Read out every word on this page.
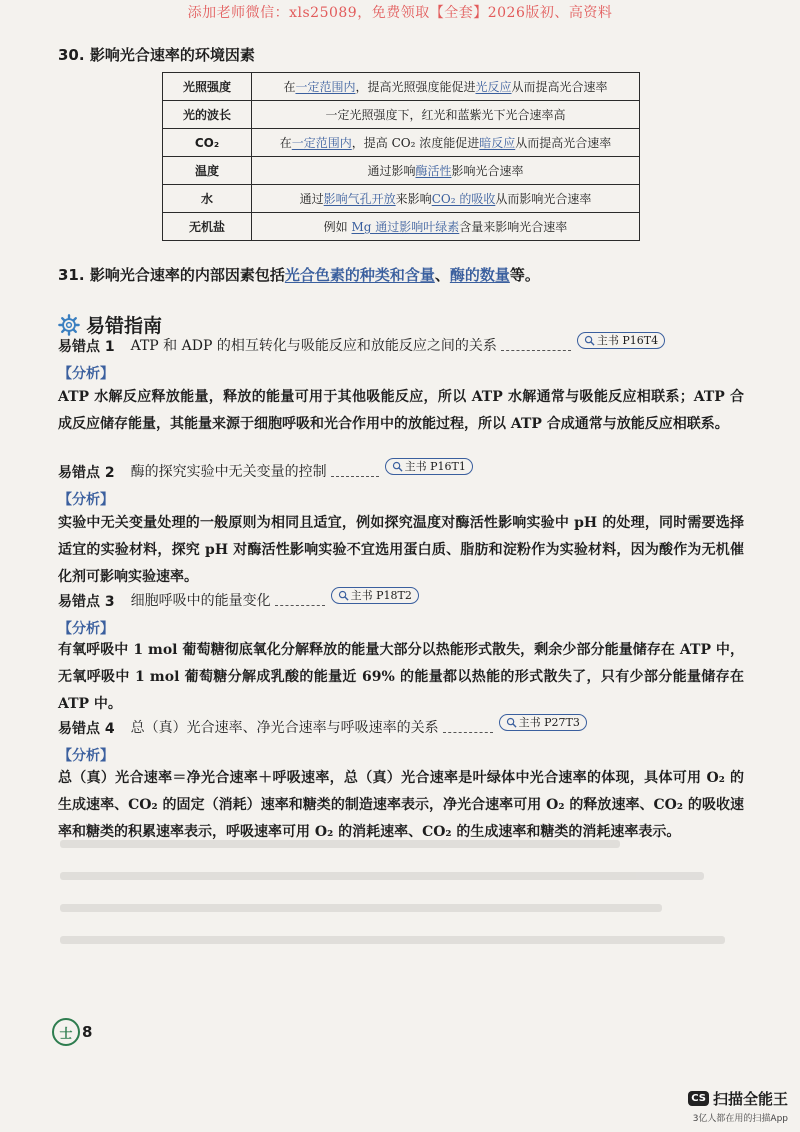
添加老师微信：xls25089，免费领取【全套】2026版初、高资料
30. 影响光合速率的环境因素
光照强度	在一定范围内，提高光照强度能促进光反应从而提高光合速率
光的波长	一定光照强度下，红光和蓝紫光下光合速率高
CO₂	在一定范围内，提高 CO₂ 浓度能促进暗反应从而提高光合速率
温度	通过影响酶活性影响光合速率
水	通过影响气孔开放来影响CO₂ 的吸收从而影响光合速率
无机盐	例如 Mg 通过影响叶绿素含量来影响光合速率
31. 影响光合速率的内部因素包括光合色素的种类和含量、酶的数量等。
易错指南
易错点 1 ATP 和 ADP 的相互转化与吸能反应和放能反应之间的关系	主书 P16T4
【分析】
ATP 水解反应释放能量，释放的能量可用于其他吸能反应，所以 ATP 水解通常与吸能反应相联系；ATP 合成反应储存能量，其能量来源于细胞呼吸和光合作用中的放能过程，所以 ATP 合成通常与放能反应相联系。
易错点 2 酶的探究实验中无关变量的控制	主书 P16T1
【分析】
实验中无关变量处理的一般原则为相同且适宜，例如探究温度对酶活性影响实验中 pH 的处理，同时需要选择适宜的实验材料，探究 pH 对酶活性影响实验不宜选用蛋白质、脂肪和淀粉作为实验材料，因为酸作为无机催化剂可影响实验速率。
易错点 3 细胞呼吸中的能量变化	主书 P18T2
【分析】
有氧呼吸中 1 mol 葡萄糖彻底氧化分解释放的能量大部分以热能形式散失，剩余少部分能量储存在 ATP 中，无氧呼吸中 1 mol 葡萄糖分解成乳酸的能量近 69% 的能量都以热能的形式散失了，只有少部分能量储存在 ATP 中。
易错点 4 总（真）光合速率、净光合速率与呼吸速率的关系	主书 P27T3
【分析】
总（真）光合速率＝净光合速率＋呼吸速率，总（真）光合速率是叶绿体中光合速率的体现，具体可用 O₂ 的生成速率、CO₂ 的固定（消耗）速率和糖类的制造速率表示，净光合速率可用 O₂ 的释放速率、CO₂ 的吸收速率和糖类的积累速率表示，呼吸速率可用 O₂ 的消耗速率、CO₂ 的生成速率和糖类的消耗速率表示。
士 8
CS 扫描全能王
3亿人都在用的扫描App
